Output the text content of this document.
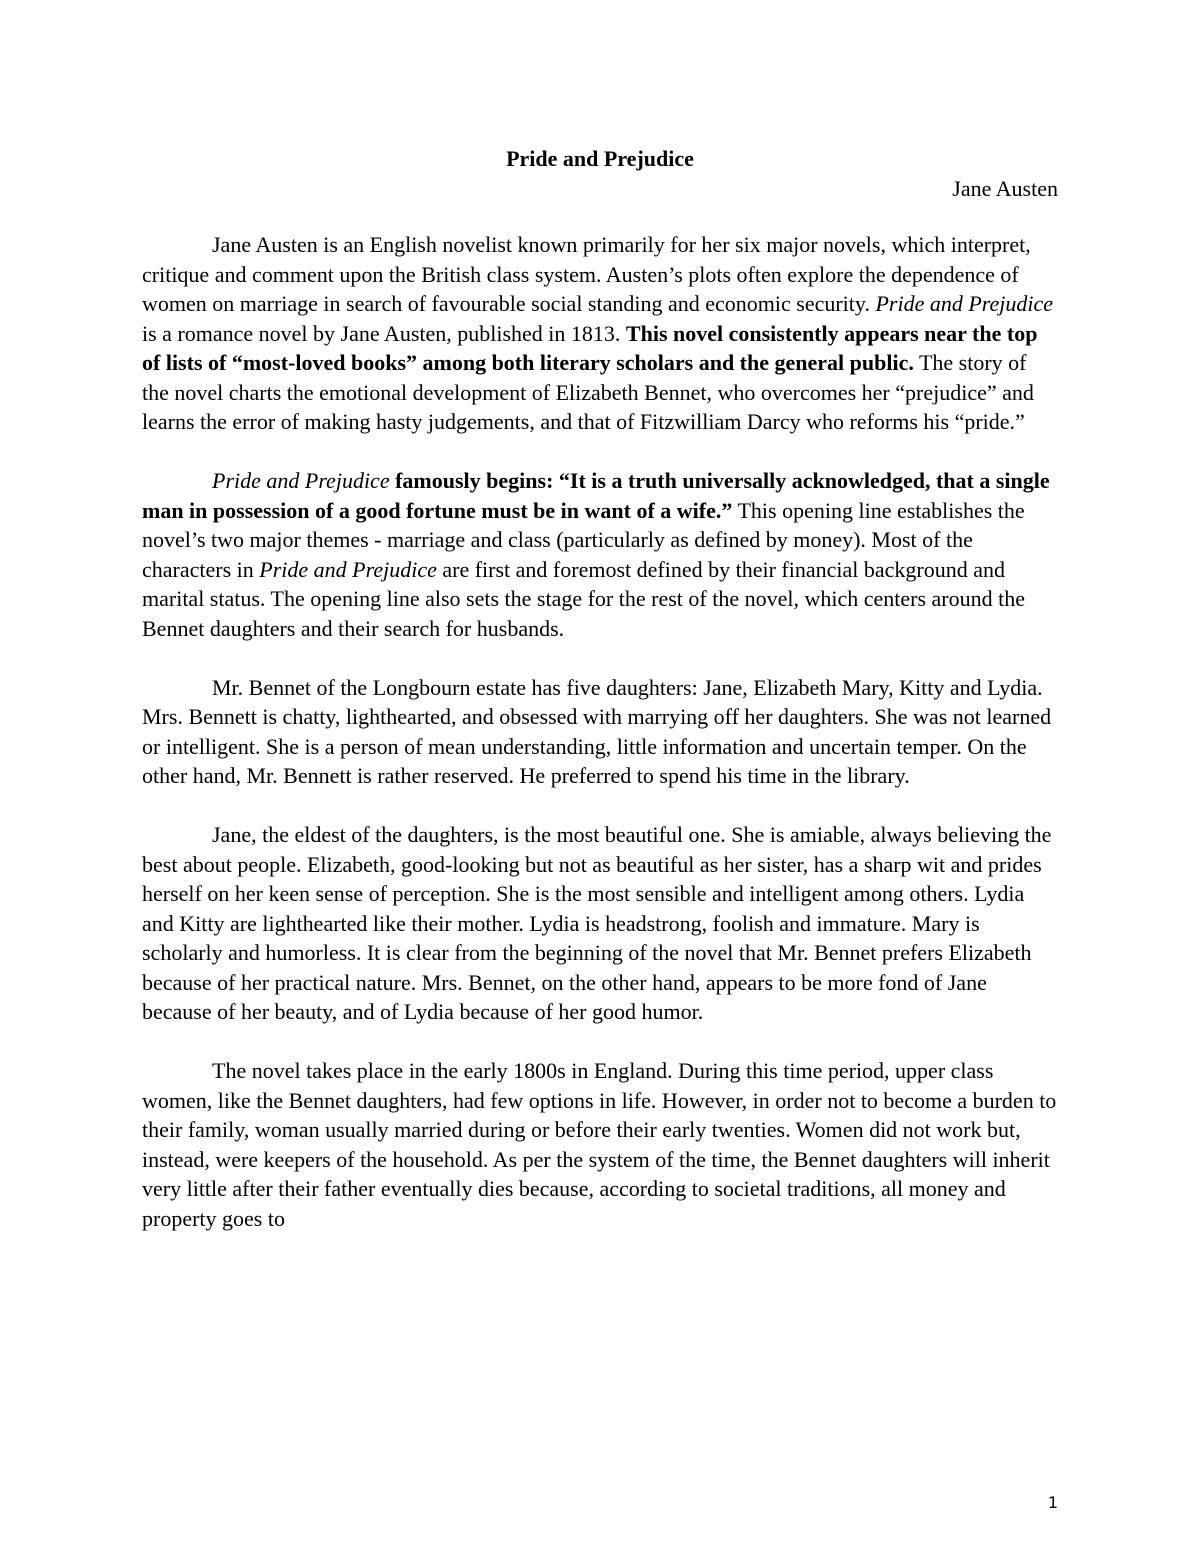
Pride and Prejudice
Jane Austen

Jane Austen is an English novelist known primarily for her six major novels, which interpret, critique and comment upon the British class system. Austen’s plots often explore the dependence of women on marriage in search of favourable social standing and economic security. Pride and Prejudice is a romance novel by Jane Austen, published in 1813. This novel consistently appears near the top of lists of “most-loved books” among both literary scholars and the general public. The story of the novel charts the emotional development of Elizabeth Bennet, who overcomes her “prejudice” and learns the error of making hasty judgements, and that of Fitzwilliam Darcy who reforms his “pride.”

Pride and Prejudice famously begins: “It is a truth universally acknowledged, that a single man in possession of a good fortune must be in want of a wife.” This opening line establishes the novel’s two major themes - marriage and class (particularly as defined by money). Most of the characters in Pride and Prejudice are first and foremost defined by their financial background and marital status. The opening line also sets the stage for the rest of the novel, which centers around the Bennet daughters and their search for husbands.

Mr. Bennet of the Longbourn estate has five daughters: Jane, Elizabeth Mary, Kitty and Lydia. Mrs. Bennett is chatty, lighthearted, and obsessed with marrying off her daughters. She was not learned or intelligent. She is a person of mean understanding, little information and uncertain temper. On the other hand, Mr. Bennett is rather reserved. He preferred to spend his time in the library.

Jane, the eldest of the daughters, is the most beautiful one. She is amiable, always believing the best about people. Elizabeth, good-looking but not as beautiful as her sister, has a sharp wit and prides herself on her keen sense of perception. She is the most sensible and intelligent among others. Lydia and Kitty are lighthearted like their mother. Lydia is headstrong, foolish and immature. Mary is scholarly and humorless. It is clear from the beginning of the novel that Mr. Bennet prefers Elizabeth because of her practical nature. Mrs. Bennet, on the other hand, appears to be more fond of Jane because of her beauty, and of Lydia because of her good humor.

The novel takes place in the early 1800s in England. During this time period, upper class women, like the Bennet daughters, had few options in life. However, in order not to become a burden to their family, woman usually married during or before their early twenties. Women did not work but, instead, were keepers of the household. As per the system of the time, the Bennet daughters will inherit very little after their father eventually dies because, according to societal traditions, all money and property goes to

1
